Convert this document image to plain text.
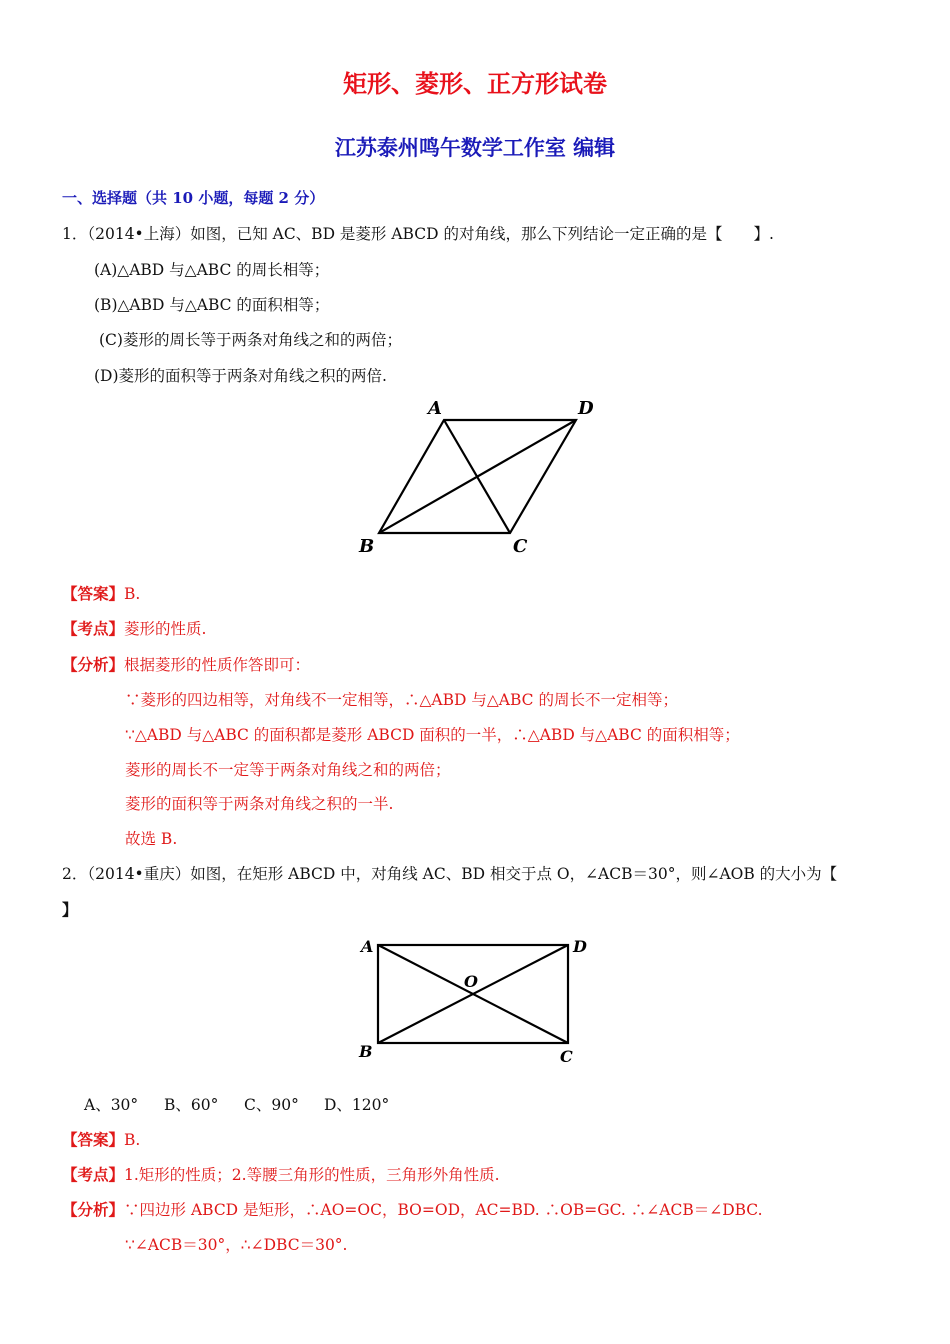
矩形、菱形、正方形试卷
江苏泰州鸣午数学工作室 编辑
一、选择题（共 10 小题，每题 2 分）
1．（2014•上海）如图，已知 AC、BD 是菱形 ABCD 的对角线，那么下列结论一定正确的是【　　】.
(A)△ABD 与△ABC 的周长相等；
(B)△ABD 与△ABC 的面积相等；
(C)菱形的周长等于两条对角线之和的两倍；
(D)菱形的面积等于两条对角线之积的两倍.
A	D
B	C
【答案】B.
【考点】菱形的性质.
【分析】根据菱形的性质作答即可：
∵菱形的四边相等，对角线不一定相等，∴△ABD 与△ABC 的周长不一定相等；
∵△ABD 与△ABC 的面积都是菱形 ABCD 面积的一半，∴△ABD 与△ABC 的面积相等；
菱形的周长不一定等于两条对角线之和的两倍；
菱形的面积等于两条对角线之积的一半.
故选 B.
2．（2014•重庆）如图，在矩形 ABCD 中，对角线 AC、BD 相交于点 O，∠ACB＝30°，则∠AOB 的大小为【
】
A	D
B	C
O
A、30° B、60° C、90° D、120°
【答案】B.
【考点】1.矩形的性质；2.等腰三角形的性质，三角形外角性质.
【分析】∵四边形 ABCD 是矩形，∴AO=OC，BO=OD，AC=BD. ∴OB=GC. ∴∠ACB＝∠DBC.
∵∠ACB＝30°，∴∠DBC＝30°.
